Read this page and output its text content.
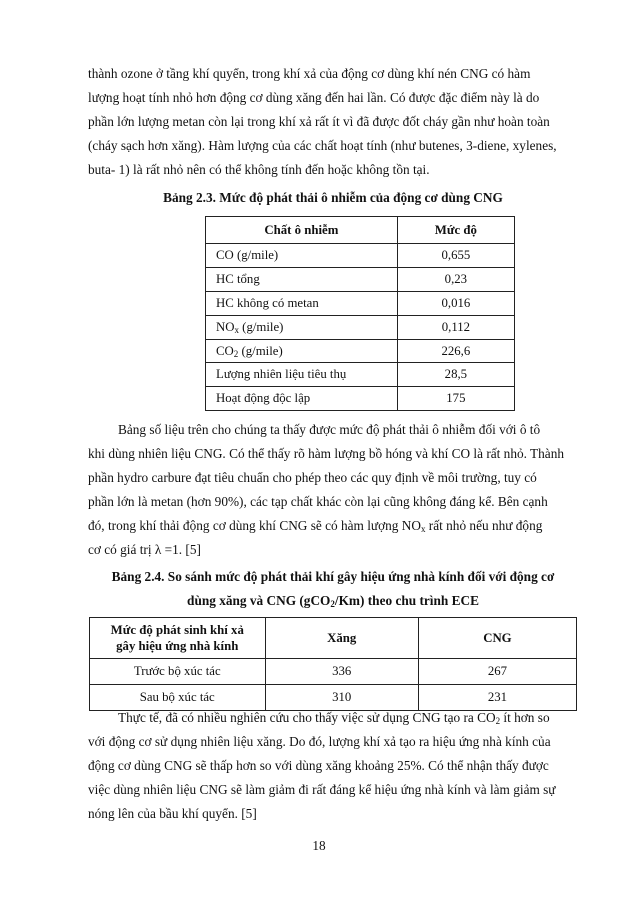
thành ozone ở tầng khí quyển, trong khí xả của động cơ dùng khí nén CNG có hàm
lượng hoạt tính nhỏ hơn động cơ dùng xăng đến hai lần. Có được đặc điểm này là do
phần lớn lượng metan còn lại trong khí xả rất ít vì đã được đốt cháy gần như hoàn toàn
(cháy sạch hơn xăng). Hàm lượng của các chất hoạt tính (như butenes, 3-diene, xylenes,
buta- 1) là rất nhỏ nên có thể không tính đến hoặc không tồn tại.
Bảng 2.3. Mức độ phát thải ô nhiễm của động cơ dùng CNG
Chất ô nhiễm	Mức độ
CO (g/mile)	0,655
HC tổng	0,23
HC không có metan	0,016
$NO_x$ (g/mile)	0,112
$CO_2$ (g/mile)	226,6
Lượng nhiên liệu tiêu thụ	28,5
Hoạt động độc lập	175
Bảng số liệu trên cho chúng ta thấy được mức độ phát thải ô nhiễm đối với ô tô
khi dùng nhiên liệu CNG. Có thể thấy rõ hàm lượng bồ hóng và khí CO là rất nhỏ. Thành
phần hydro carbure đạt tiêu chuẩn cho phép theo các quy định về môi trường, tuy có
phần lớn là metan (hơn 90%), các tạp chất khác còn lại cũng không đáng kể. Bên cạnh
đó, trong khí thải động cơ dùng khí CNG sẽ có hàm lượng $NO_x$ rất nhỏ nếu như động
cơ có giá trị λ =1. [5]
Bảng 2.4. So sánh mức độ phát thải khí gây hiệu ứng nhà kính đối với động cơ
dùng xăng và CNG (gCO$_2$/Km) theo chu trình ECE
Mức độ phát sinh khí xả
gây hiệu ứng nhà kính	Xăng	CNG
Trước bộ xúc tác	336	267
Sau bộ xúc tác	310	231
Thực tế, đã có nhiều nghiên cứu cho thấy việc sử dụng CNG tạo ra $CO_2$ ít hơn so
với động cơ sử dụng nhiên liệu xăng. Do đó, lượng khí xả tạo ra hiệu ứng nhà kính của
động cơ dùng CNG sẽ thấp hơn so với dùng xăng khoảng 25%. Có thể nhận thấy được
việc dùng nhiên liệu CNG sẽ làm giảm đi rất đáng kể hiệu ứng nhà kính và làm giảm sự
nóng lên của bầu khí quyển. [5]
18
